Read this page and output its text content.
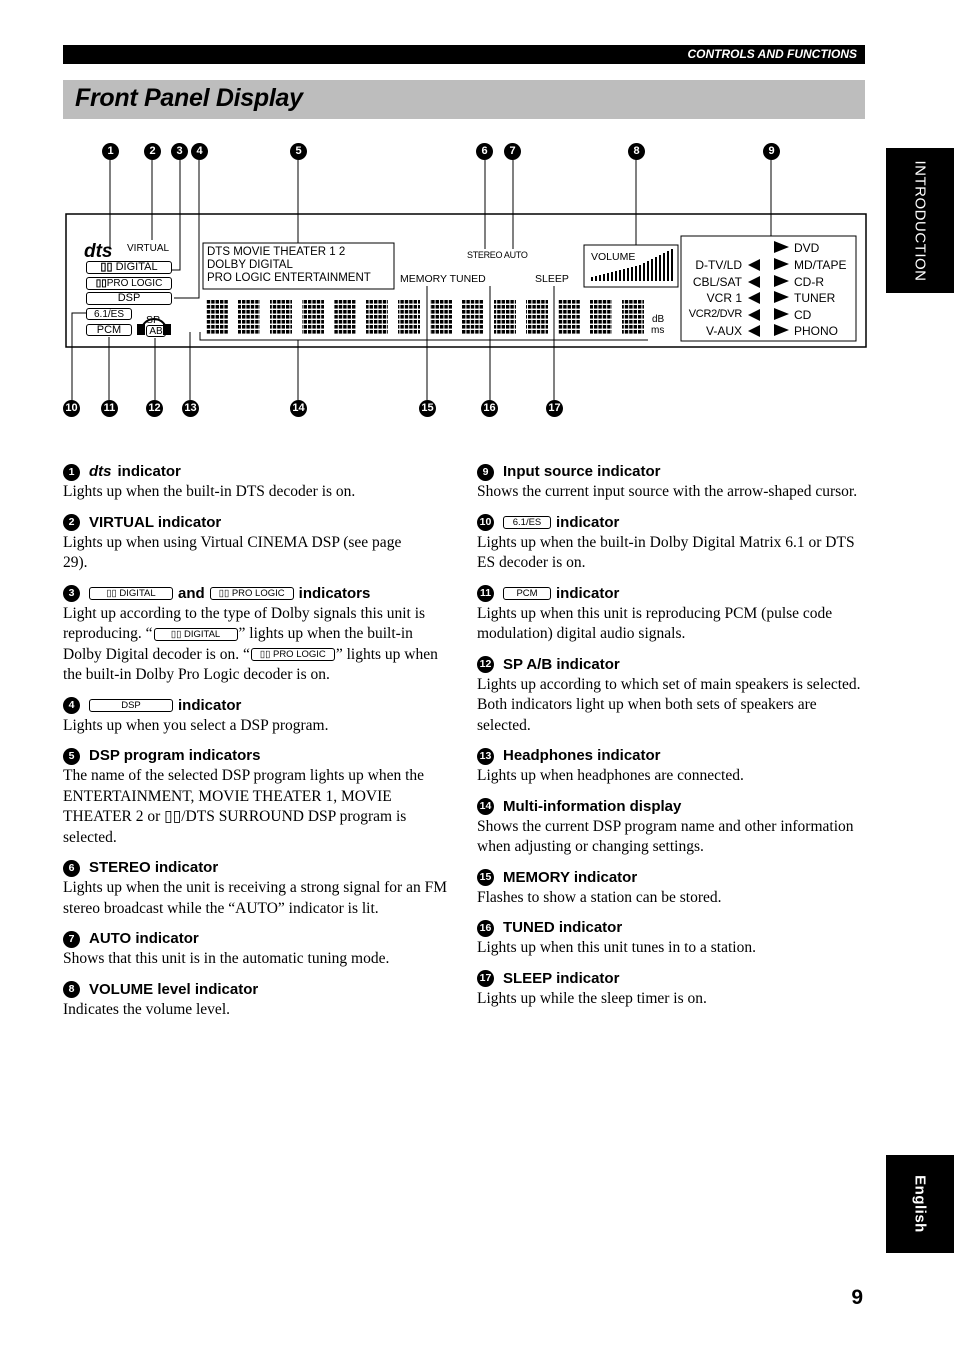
CONTROLS AND FUNCTIONS
Front Panel Display
INTRODUCTION
English
9
dts
1	2	3	4	5	6	7	8	9
10 11	12 13	14	15	16	17
VIRTUAL
▯▯ DIGITAL
▯▯PRO LOGIC
DSP
6.1/ES
PCM
SP
AB
DTS MOVIE THEATER 1 2
DOLBY DIGITAL
PRO LOGIC ENTERTAINMENT	MEMORY TUNED
STEREO AUTO
SLEEP
VOLUME
dB
ms
D-TV/LD
CBL/SAT
VCR 1
VCR2/DVR
V-AUX
DVD
MD/TAPE
CD-R
TUNER
CD
PHONO
1 dts indicator
Lights up when the built-in DTS decoder is on.
2 VIRTUAL indicator
Lights up when using Virtual CINEMA DSP (see page 29).
3	▯▯ DIGITAL	and	▯▯ PRO LOGIC indicators
Light up according to the type of Dolby signals this unit is reproducing. “ ▯▯ DIGITAL ” lights up when the built-in Dolby Digital decoder is on. “ ▯▯ PRO LOGIC ” lights up when the built-in Dolby Pro Logic decoder is on.
4	DSP	indicator
Lights up when you select a DSP program.
5 DSP program indicators
The name of the selected DSP program lights up when the ENTERTAINMENT, MOVIE THEATER 1, MOVIE THEATER 2 or ▯▯/DTS SURROUND DSP program is selected.
6 STEREO indicator
Lights up when the unit is receiving a strong signal for an FM stereo broadcast while the “AUTO” indicator is lit.
7 AUTO indicator
Shows that this unit is in the automatic tuning mode.
8 VOLUME level indicator
Indicates the volume level.
9 Input source indicator
Shows the current input source with the arrow-shaped cursor.
10	6.1/ES indicator
Lights up when the built-in Dolby Digital Matrix 6.1 or DTS ES decoder is on.
11	PCM	indicator
Lights up when this unit is reproducing PCM (pulse code modulation) digital audio signals.
12 SP A/B indicator
Lights up according to which set of main speakers is selected. Both indicators light up when both sets of speakers are selected.
13 Headphones indicator
Lights up when headphones are connected.
14 Multi-information display
Shows the current DSP program name and other information when adjusting or changing settings.
15 MEMORY indicator
Flashes to show a station can be stored.
16 TUNED indicator
Lights up when this unit tunes in to a station.
17 SLEEP indicator
Lights up while the sleep timer is on.
